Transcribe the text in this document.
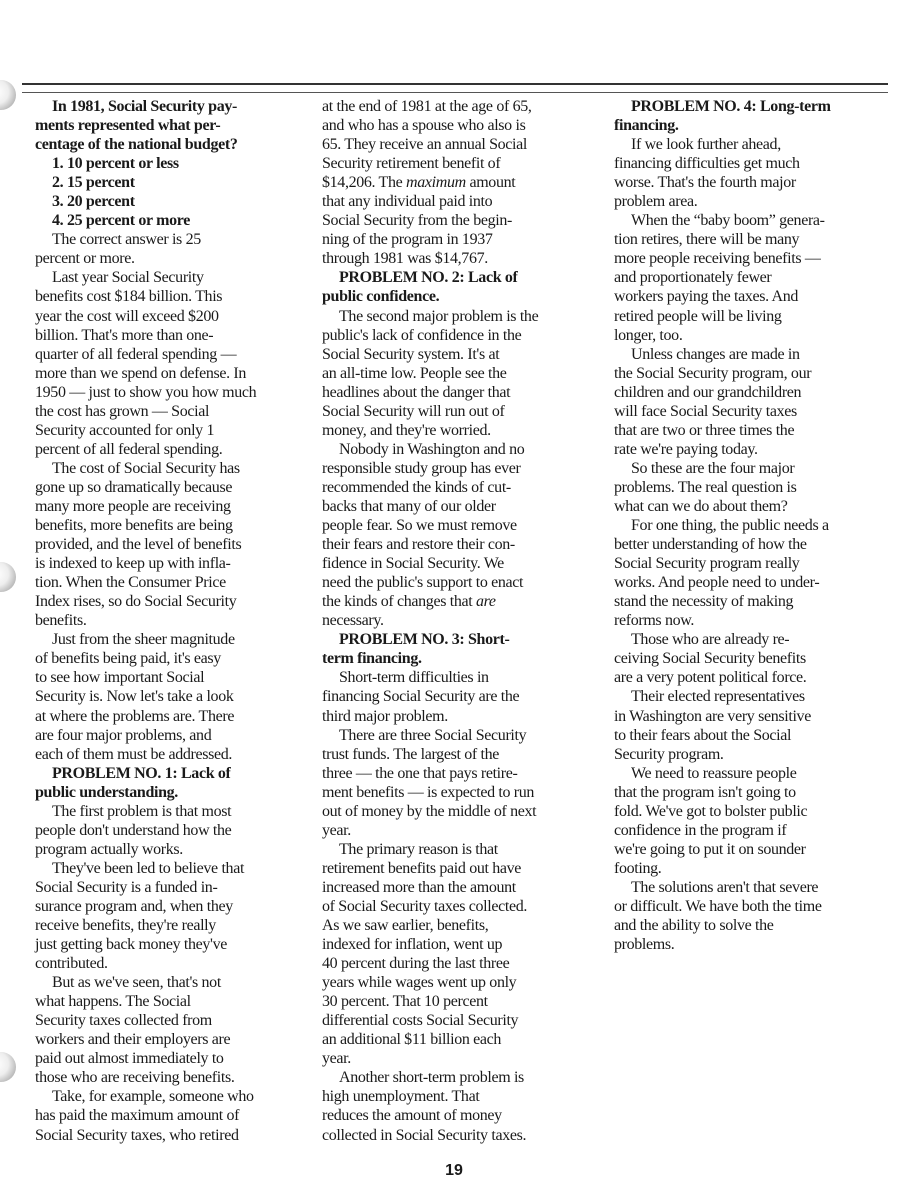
In 1981, Social Security pay-
ments represented what per-
centage of the national budget?
1. 10 percent or less
2. 15 percent
3. 20 percent
4. 25 percent or more
The correct answer is 25
percent or more.
Last year Social Security
benefits cost $184 billion. This
year the cost will exceed $200
billion. That's more than one-
quarter of all federal spending —
more than we spend on defense. In
1950 — just to show you how much
the cost has grown — Social
Security accounted for only 1
percent of all federal spending.
The cost of Social Security has
gone up so dramatically because
many more people are receiving
benefits, more benefits are being
provided, and the level of benefits
is indexed to keep up with infla-
tion. When the Consumer Price
Index rises, so do Social Security
benefits.
Just from the sheer magnitude
of benefits being paid, it's easy
to see how important Social
Security is. Now let's take a look
at where the problems are. There
are four major problems, and
each of them must be addressed.
PROBLEM NO. 1: Lack of
public understanding.
The first problem is that most
people don't understand how the
program actually works.
They've been led to believe that
Social Security is a funded in-
surance program and, when they
receive benefits, they're really
just getting back money they've
contributed.
But as we've seen, that's not
what happens. The Social
Security taxes collected from
workers and their employers are
paid out almost immediately to
those who are receiving benefits.
Take, for example, someone who
has paid the maximum amount of
Social Security taxes, who retired
at the end of 1981 at the age of 65,
and who has a spouse who also is
65. They receive an annual Social
Security retirement benefit of
$14,206. The maximum amount
that any individual paid into
Social Security from the begin-
ning of the program in 1937
through 1981 was $14,767.
PROBLEM NO. 2: Lack of
public confidence.
The second major problem is the
public's lack of confidence in the
Social Security system. It's at
an all-time low. People see the
headlines about the danger that
Social Security will run out of
money, and they're worried.
Nobody in Washington and no
responsible study group has ever
recommended the kinds of cut-
backs that many of our older
people fear. So we must remove
their fears and restore their con-
fidence in Social Security. We
need the public's support to enact
the kinds of changes that are
necessary.
PROBLEM NO. 3: Short-
term financing.
Short-term difficulties in
financing Social Security are the
third major problem.
There are three Social Security
trust funds. The largest of the
three — the one that pays retire-
ment benefits — is expected to run
out of money by the middle of next
year.
The primary reason is that
retirement benefits paid out have
increased more than the amount
of Social Security taxes collected.
As we saw earlier, benefits,
indexed for inflation, went up
40 percent during the last three
years while wages went up only
30 percent. That 10 percent
differential costs Social Security
an additional $11 billion each
year.
Another short-term problem is
high unemployment. That
reduces the amount of money
collected in Social Security taxes.
PROBLEM NO. 4: Long-term
financing.
If we look further ahead,
financing difficulties get much
worse. That's the fourth major
problem area.
When the “baby boom” genera-
tion retires, there will be many
more people receiving benefits —
and proportionately fewer
workers paying the taxes. And
retired people will be living
longer, too.
Unless changes are made in
the Social Security program, our
children and our grandchildren
will face Social Security taxes
that are two or three times the
rate we're paying today.
So these are the four major
problems. The real question is
what can we do about them?
For one thing, the public needs a
better understanding of how the
Social Security program really
works. And people need to under-
stand the necessity of making
reforms now.
Those who are already re-
ceiving Social Security benefits
are a very potent political force.
Their elected representatives
in Washington are very sensitive
to their fears about the Social
Security program.
We need to reassure people
that the program isn't going to
fold. We've got to bolster public
confidence in the program if
we're going to put it on sounder
footing.
The solutions aren't that severe
or difficult. We have both the time
and the ability to solve the
problems.
19
